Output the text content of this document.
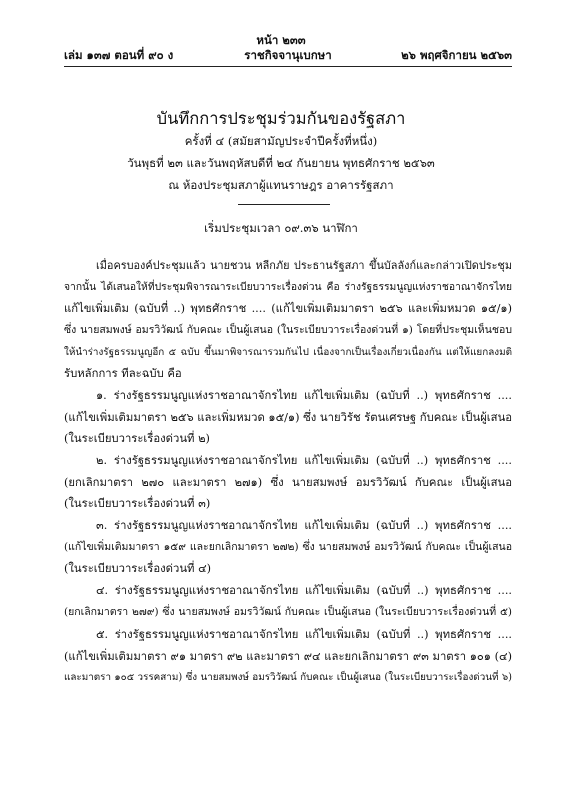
หน้า ๒๓๓
เล่ม ๑๓๗ ตอนที่ ๙๐ ง	ราชกิจจานุเบกษา	๒๖ พฤศจิกายน ๒๕๖๓
บันทึกการประชุมร่วมกันของรัฐสภา
ครั้งที่ ๔ (สมัยสามัญประจำปีครั้งที่หนึ่ง)
วันพุธที่ ๒๓ และวันพฤหัสบดีที่ ๒๔ กันยายน พุทธศักราช ๒๕๖๓
ณ ห้องประชุมสภาผู้แทนราษฎร อาคารรัฐสภา
เริ่มประชุมเวลา ๐๙.๓๖ นาฬิกา
เมื่อครบองค์ประชุมแล้ว นายชวน หลีกภัย ประธานรัฐสภา ขึ้นบัลลังก์และกล่าวเปิดประชุม
จากนั้น ได้เสนอให้ที่ประชุมพิจารณาระเบียบวาระเรื่องด่วน คือ ร่างรัฐธรรมนูญแห่งราชอาณาจักรไทย
แก้ไขเพิ่มเติม (ฉบับที่ ..) พุทธศักราช .... (แก้ไขเพิ่มเติมมาตรา ๒๕๖ และเพิ่มหมวด ๑๕/๑)
ซึ่ง นายสมพงษ์ อมรวิวัฒน์ กับคณะ เป็นผู้เสนอ (ในระเบียบวาระเรื่องด่วนที่ ๑) โดยที่ประชุมเห็นชอบ
ให้นำร่างรัฐธรรมนูญอีก ๕ ฉบับ ขึ้นมาพิจารณารวมกันไป เนื่องจากเป็นเรื่องเกี่ยวเนื่องกัน แต่ให้แยกลงมติ
รับหลักการ ทีละฉบับ คือ
๑. ร่างรัฐธรรมนูญแห่งราชอาณาจักรไทย แก้ไขเพิ่มเติม (ฉบับที่ ..) พุทธศักราช ....
(แก้ไขเพิ่มเติมมาตรา ๒๕๖ และเพิ่มหมวด ๑๕/๑) ซึ่ง นายวิรัช รัตนเศรษฐ กับคณะ เป็นผู้เสนอ
(ในระเบียบวาระเรื่องด่วนที่ ๒)
๒. ร่างรัฐธรรมนูญแห่งราชอาณาจักรไทย แก้ไขเพิ่มเติม (ฉบับที่ ..) พุทธศักราช ....
(ยกเลิกมาตรา ๒๗๐ และมาตรา ๒๗๑) ซึ่ง นายสมพงษ์ อมรวิวัฒน์ กับคณะ เป็นผู้เสนอ
(ในระเบียบวาระเรื่องด่วนที่ ๓)
๓. ร่างรัฐธรรมนูญแห่งราชอาณาจักรไทย แก้ไขเพิ่มเติม (ฉบับที่ ..) พุทธศักราช ....
(แก้ไขเพิ่มเติมมาตรา ๑๕๙ และยกเลิกมาตรา ๒๗๒) ซึ่ง นายสมพงษ์ อมรวิวัฒน์ กับคณะ เป็นผู้เสนอ
(ในระเบียบวาระเรื่องด่วนที่ ๔)
๔. ร่างรัฐธรรมนูญแห่งราชอาณาจักรไทย แก้ไขเพิ่มเติม (ฉบับที่ ..) พุทธศักราช ....
(ยกเลิกมาตรา ๒๗๙) ซึ่ง นายสมพงษ์ อมรวิวัฒน์ กับคณะ เป็นผู้เสนอ (ในระเบียบวาระเรื่องด่วนที่ ๕)
๕. ร่างรัฐธรรมนูญแห่งราชอาณาจักรไทย แก้ไขเพิ่มเติม (ฉบับที่ ..) พุทธศักราช ....
(แก้ไขเพิ่มเติมมาตรา ๙๑ มาตรา ๙๒ และมาตรา ๙๔ และยกเลิกมาตรา ๙๓ มาตรา ๑๐๑ (๔)
และมาตรา ๑๐๕ วรรคสาม) ซึ่ง นายสมพงษ์ อมรวิวัฒน์ กับคณะ เป็นผู้เสนอ (ในระเบียบวาระเรื่องด่วนที่ ๖)
